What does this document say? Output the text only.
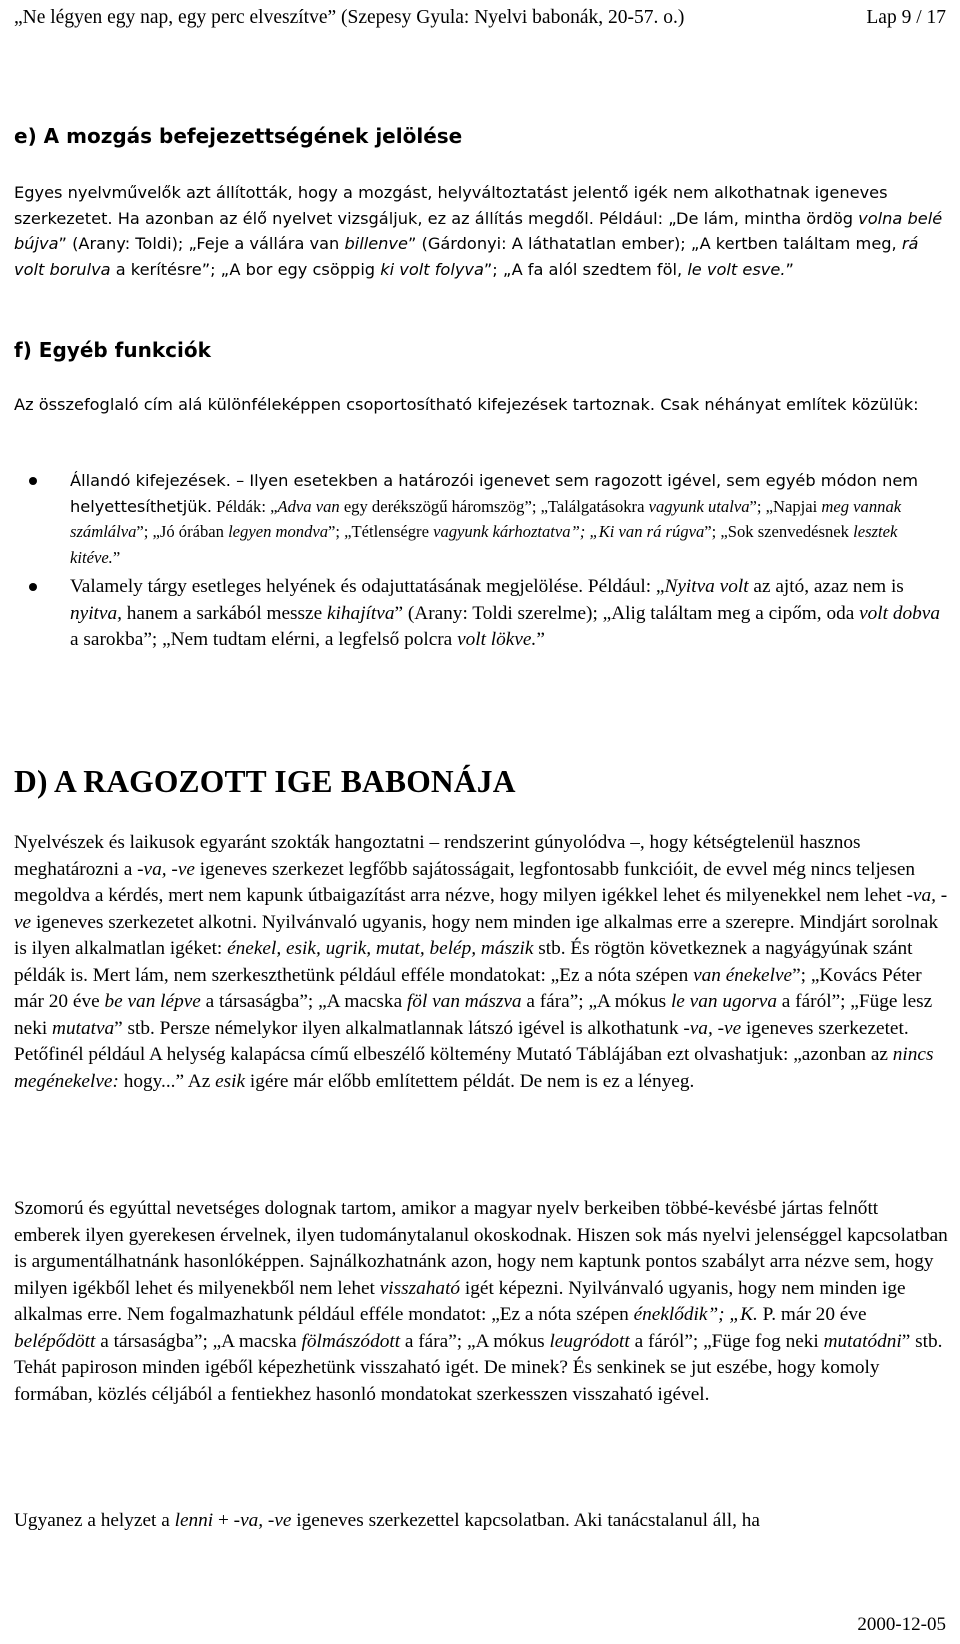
„Ne légyen egy nap, egy perc elveszítve” (Szepesy Gyula: Nyelvi babonák, 20-57. o.)	Lap 9 / 17
e) A mozgás befejezettségének jelölése

Egyes nyelvművelők azt állították, hogy a mozgást, helyváltoztatást jelentő igék nem alkothatnak igeneves szerkezetet. Ha azonban az élő nyelvet vizsgáljuk, ez az állítás megdől. Például: „De lám, mintha ördög volna belé bújva” (Arany: Toldi); „Feje a vállára van billenve” (Gárdonyi: A láthatatlan ember); „A kertben találtam meg, rá volt borulva a kerítésre”; „A bor egy csöppig ki volt folyva”; „A fa alól szedtem föl, le volt esve.”

f) Egyéb funkciók

Az összefoglaló cím alá különféleképpen csoportosítható kifejezések tartoznak. Csak néhányat említek közülük:

Állandó kifejezések. – Ilyen esetekben a határozói igenevet sem ragozott igével, sem egyéb módon nem helyettesíthetjük. Példák: „Adva van egy derékszögű háromszög”; „Találgatásokra vagyunk utalva”; „Napjai meg vannak számlálva”; „Jó órában legyen mondva”; „Tétlenségre vagyunk kárhoztatva”; „Ki van rá rúgva”; „Sok szenvedésnek lesztek kitéve.”

Valamely tárgy esetleges helyének és odajuttatásának megjelölése. Például: „Nyitva volt az ajtó, azaz nem is nyitva, hanem a sarkából messze kihajítva” (Arany: Toldi szerelme); „Alig találtam meg a cipőm, oda volt dobva a sarokba”; „Nem tudtam elérni, a legfelső polcra volt lökve.”

D) A RAGOZOTT IGE BABONÁJA

Nyelvészek és laikusok egyaránt szokták hangoztatni – rendszerint gúnyolódva –, hogy kétségtelenül hasznos meghatározni a -va, -ve igeneves szerkezet legfőbb sajátosságait, legfontosabb funkcióit, de evvel még nincs teljesen megoldva a kérdés, mert nem kapunk útbaigazítást arra nézve, hogy milyen igékkel lehet és milyenekkel nem lehet -va, -ve igeneves szerkezetet alkotni. Nyilvánvaló ugyanis, hogy nem minden ige alkalmas erre a szerepre. Mindjárt sorolnak is ilyen alkalmatlan igéket: énekel, esik, ugrik, mutat, belép, mászik stb. És rögtön következnek a nagyágyúnak szánt példák is. Mert lám, nem szerkeszthetünk például efféle mondatokat: „Ez a nóta szépen van énekelve”; „Kovács Péter már 20 éve be van lépve a társaságba”; „A macska föl van mászva a fára”; „A mókus le van ugorva a fáról”; „Füge lesz neki mutatva” stb. Persze némelykor ilyen alkalmatlannak látszó igével is alkothatunk -va, -ve igeneves szerkezetet. Petőfinél például A helység kalapácsa című elbeszélő költemény Mutató Táblájában ezt olvashatjuk: „azonban az nincs megénekelve: hogy...” Az esik igére már előbb említettem példát. De nem is ez a lényeg.

Szomorú és egyúttal nevetséges dolognak tartom, amikor a magyar nyelv berkeiben többé-kevésbé jártas felnőtt emberek ilyen gyerekesen érvelnek, ilyen tudománytalanul okoskodnak. Hiszen sok más nyelvi jelenséggel kapcsolatban is argumentálhatnánk hasonlóképpen. Sajnálkozhatnánk azon, hogy nem kaptunk pontos szabályt arra nézve sem, hogy milyen igékből lehet és milyenekből nem lehet visszaható igét képezni. Nyilvánvaló ugyanis, hogy nem minden ige alkalmas erre. Nem fogalmazhatunk például efféle mondatot: „Ez a nóta szépen éneklődik”; „K. P. már 20 éve belépődött a társaságba”; „A macska fölmászódott a fára”; „A mókus leugródott a fáról”; „Füge fog neki mutatódni” stb. Tehát papiroson minden igéből képezhetünk visszaható igét. De minek? És senkinek se jut eszébe, hogy komoly formában, közlés céljából a fentiekhez hasonló mondatokat szerkesszen visszaható igével.

Ugyanez a helyzet a lenni + -va, -ve igeneves szerkezettel kapcsolatban. Aki tanácstalanul áll, ha

2000-12-05
